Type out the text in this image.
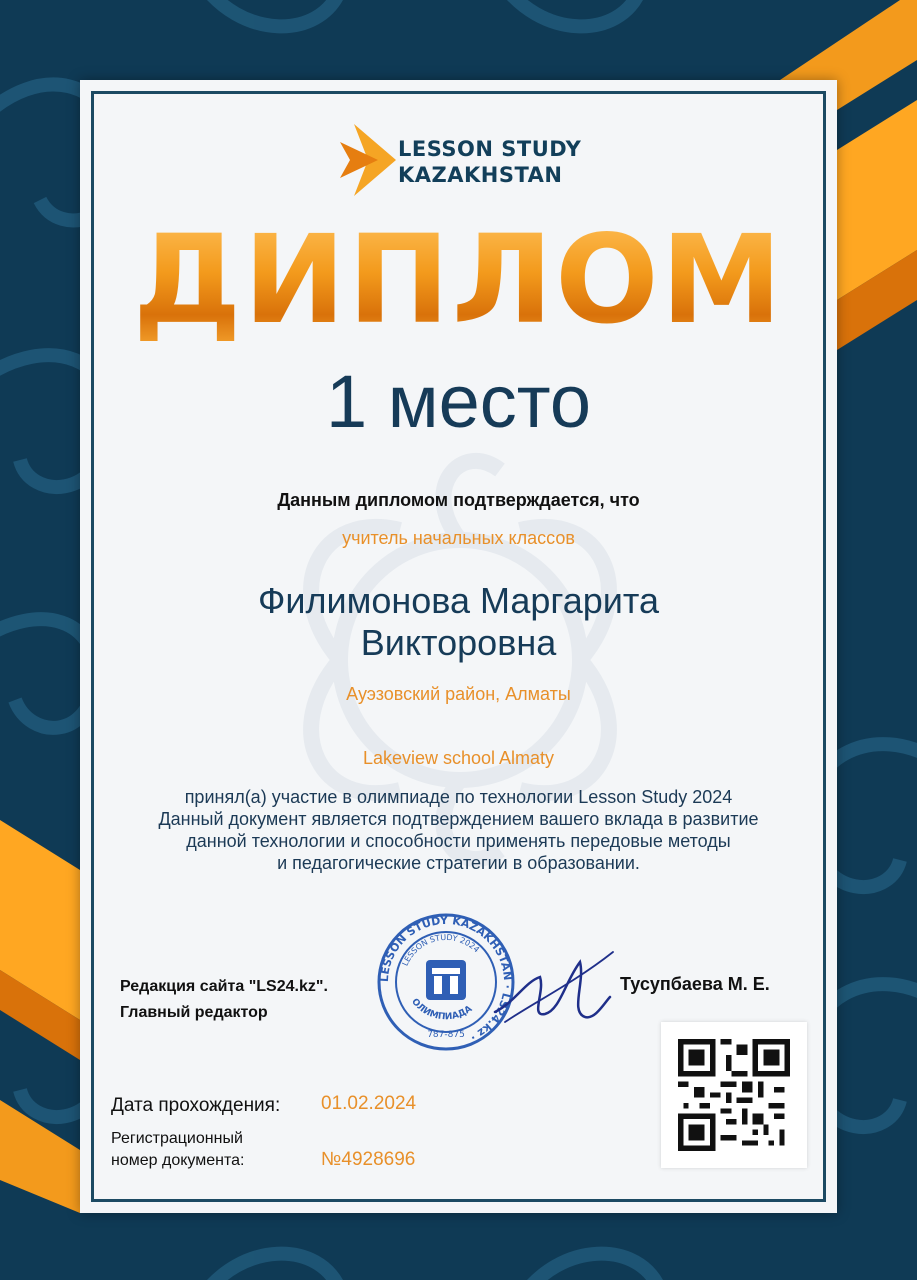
LESSON STUDY
KAZAKHSTAN
ДИПЛОМ
1 место
Данным дипломом подтверждается, что
учитель начальных классов
Филимонова Маргарита
Викторовна
Ауэзовский район, Алматы
Lakeview school Almaty
принял(а) участие в олимпиаде по технологии Lesson Study 2024
Данный документ является подтверждением вашего вклада в развитие
данной технологии и способности применять передовые методы
и педагогические стратегии в образовании.
Редакция сайта "LS24.kz".
Главный редактор
LESSON STUDY KAZAKHSTAN · LS24.kz ·
LESSON STUDY 2024
ОЛИМПИАДА
787-875
Тусупбаева М. Е.
Дата прохождения: 01.02.2024
Регистрационный
номер документа:	№4928696
